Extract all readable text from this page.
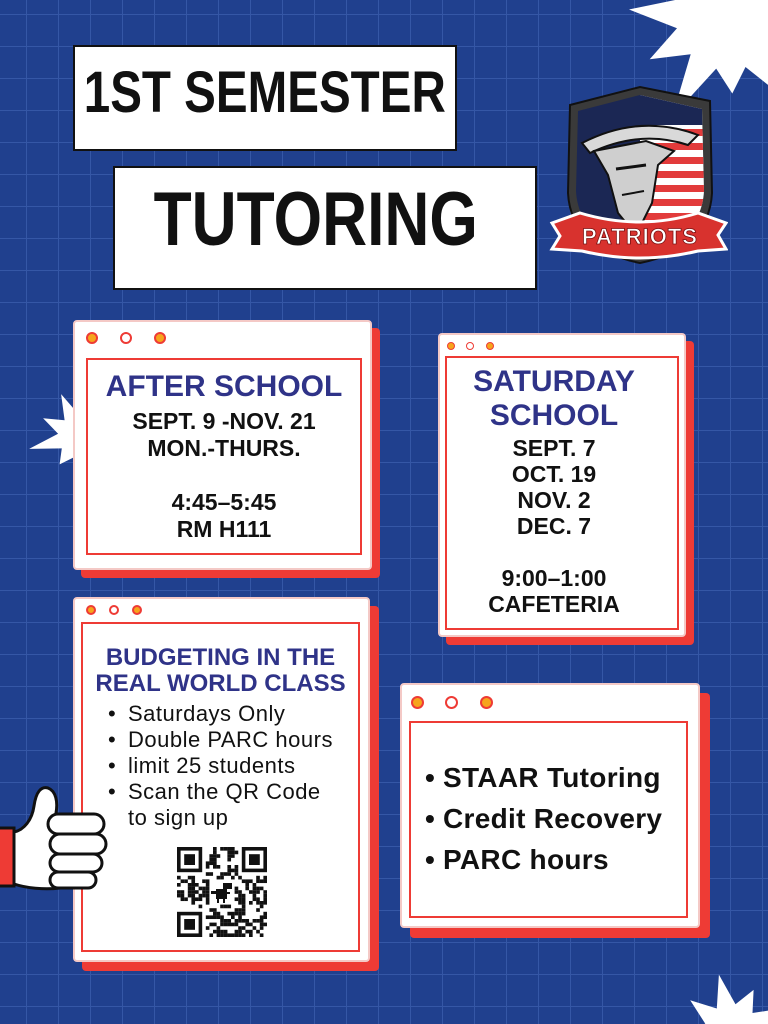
1ST SEMESTER
TUTORING	PATRIOTS
AFTER SCHOOL
SEPT. 9 -NOV. 21
MON.-THURS.
4:45–5:45
RM H111
SATURDAY
SCHOOL
SEPT. 7
OCT. 19
NOV. 2
DEC. 7
9:00–1:00
CAFETERIA
BUDGETING IN THE
REAL WORLD CLASS
• Saturdays Only
• Double PARC hours
• limit 25 students
• Scan the QR Code
to sign up
• STAAR Tutoring
• Credit Recovery
• PARC hours
